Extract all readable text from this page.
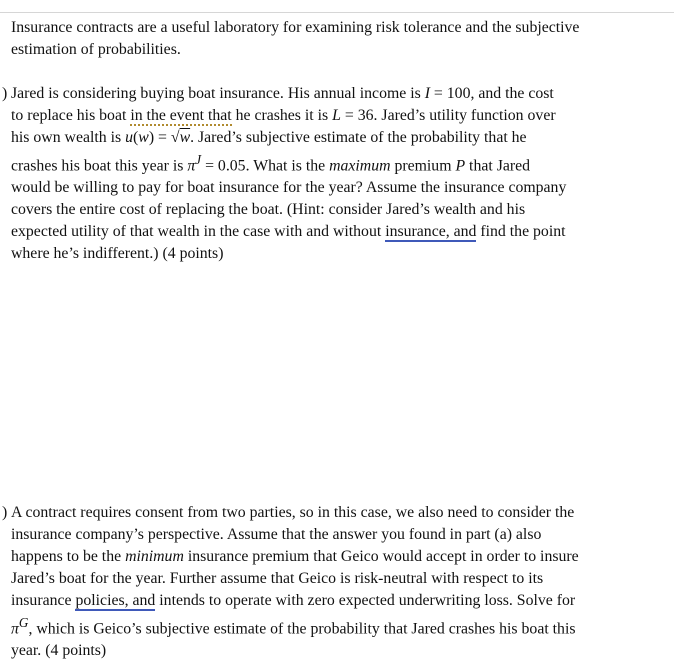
Insurance contracts are a useful laboratory for examining risk tolerance and the subjective
estimation of probabilities.

) Jared is considering buying boat insurance. His annual income is I = 100, and the cost
to replace his boat in the event that he crashes it is L = 36. Jared’s utility function over
his own wealth is u(w) = √w. Jared’s subjective estimate of the probability that he
crashes his boat this year is $\pi^J = 0.05$. What is the maximum premium P that Jared
would be willing to pay for boat insurance for the year? Assume the insurance company
covers the entire cost of replacing the boat. (Hint: consider Jared’s wealth and his
expected utility of that wealth in the case with and without insurance, and find the point
where he’s indifferent.) (4 points)
) A contract requires consent from two parties, so in this case, we also need to consider the
insurance company’s perspective. Assume that the answer you found in part (a) also
happens to be the minimum insurance premium that Geico would accept in order to insure
Jared’s boat for the year. Further assume that Geico is risk-neutral with respect to its
insurance policies, and intends to operate with zero expected underwriting loss. Solve for
$\pi^G$, which is Geico’s subjective estimate of the probability that Jared crashes his boat this
year. (4 points)
